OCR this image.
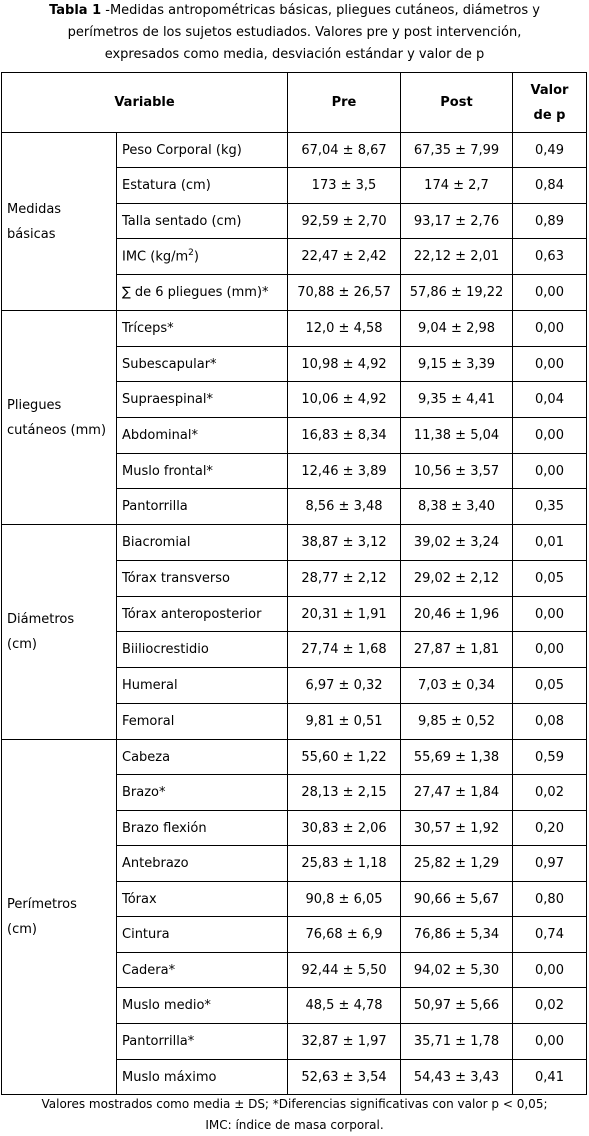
Tabla 1 -Medidas antropométricas básicas, pliegues cutáneos, diámetros y

perímetros de los sujetos estudiados. Valores pre y post intervención,

expresados como media, desviación estándar y valor de p

Variable		Pre	Post	Valor
de p
Medidas
básicas	Peso Corporal (kg)	67,04 ± 8,67	67,35 ± 7,99	0,49
	Estatura (cm)	173 ± 3,5	174 ± 2,7	0,84
	Talla sentado (cm)	92,59 ± 2,70	93,17 ± 2,76	0,89
	IMC $(kg/m^2)$	22,47 ± 2,42	22,12 ± 2,01	0,63
	∑ de 6 pliegues (mm)*	70,88 ± 26,57	57,86 ± 19,22	0,00
Pliegues
cutáneos (mm)	Tríceps*	12,0 ± 4,58	9,04 ± 2,98	0,00
	Subescapular*	10,98 ± 4,92	9,15 ± 3,39	0,00
	Supraespinal*	10,06 ± 4,92	9,35 ± 4,41	0,04
	Abdominal*	16,83 ± 8,34	11,38 ± 5,04	0,00
	Muslo frontal*	12,46 ± 3,89	10,56 ± 3,57	0,00
	Pantorrilla	8,56 ± 3,48	8,38 ± 3,40	0,35
Diámetros
(cm)	Biacromial	38,87 ± 3,12	39,02 ± 3,24	0,01
	Tórax transverso	28,77 ± 2,12	29,02 ± 2,12	0,05
	Tórax anteroposterior	20,31 ± 1,91	20,46 ± 1,96	0,00
	Biiliocrestidio	27,74 ± 1,68	27,87 ± 1,81	0,00
	Humeral	6,97 ± 0,32	7,03 ± 0,34	0,05
	Femoral	9,81 ± 0,51	9,85 ± 0,52	0,08
Perímetros
(cm)	Cabeza	55,60 ± 1,22	55,69 ± 1,38	0,59
	Brazo*	28,13 ± 2,15	27,47 ± 1,84	0,02
	Brazo flexión	30,83 ± 2,06	30,57 ± 1,92	0,20
	Antebrazo	25,83 ± 1,18	25,82 ± 1,29	0,97
	Tórax	90,8 ± 6,05	90,66 ± 5,67	0,80
	Cintura	76,68 ± 6,9	76,86 ± 5,34	0,74
	Cadera*	92,44 ± 5,50	94,02 ± 5,30	0,00
	Muslo medio*	48,5 ± 4,78	50,97 ± 5,66	0,02
	Pantorrilla*	32,87 ± 1,97	35,71 ± 1,78	0,00
	Muslo máximo	52,63 ± 3,54	54,43 ± 3,43	0,41
Valores mostrados como media ± DS; *Diferencias significativas con valor p < 0,05;
IMC: índice de masa corporal.
